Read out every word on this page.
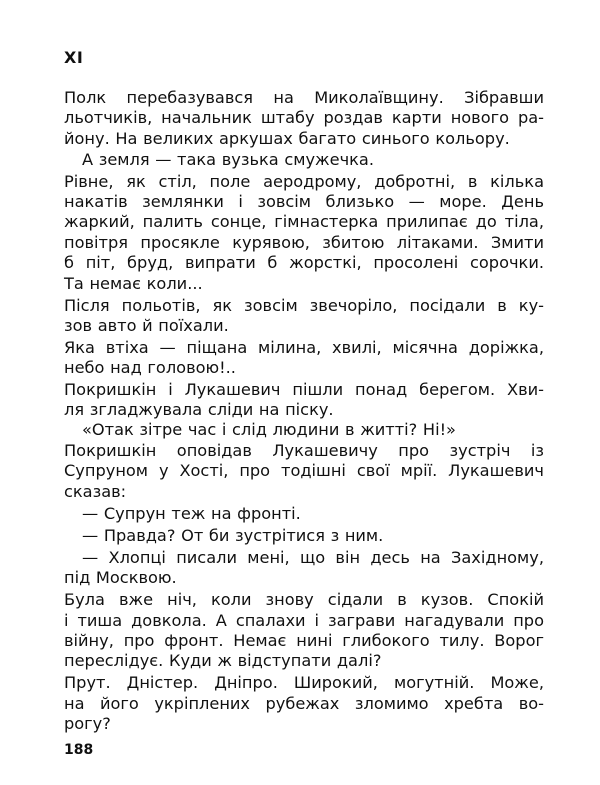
XI
Полк перебазувався на Миколаївщину. Зібравши
льотчиків, начальник штабу роздав карти нового ра-
йону. На великих аркушах багато синього кольору.
А земля — така вузька смужечка.
Рівне, як стіл, поле аеродрому, добротні, в кілька
накатів землянки і зовсім близько — море. День
жаркий, палить сонце, гімнастерка прилипає до тіла,
повітря просякле курявою, збитою літаками. Змити
б піт, бруд, випрати б жорсткі, просолені сорочки.
Та немає коли...
Після польотів, як зовсім звечоріло, посідали в ку-
зов авто й поїхали.
Яка втіха — піщана мілина, хвилі, місячна доріжка,
небо над головою!..
Покришкін і Лукашевич пішли понад берегом. Хви-
ля згладжувала сліди на піску.
«Отак зітре час і слід людини в житті? Ні!»
Покришкін оповідав Лукашевичу про зустріч із
Супруном у Хості, про тодішні свої мрії. Лукашевич
сказав:
— Супрун теж на фронті.
— Правда? От би зустрітися з ним.
— Хлопці писали мені, що він десь на Західному,
під Москвою.
Була вже ніч, коли знову сідали в кузов. Спокій
і тиша довкола. А спалахи і заграви нагадували про
війну, про фронт. Немає нині глибокого тилу. Ворог
переслідує. Куди ж відступати далі?
Прут. Дністер. Дніпро. Широкий, могутній. Може,
на його укріплених рубежах зломимо хребта во-
рогу?
188
